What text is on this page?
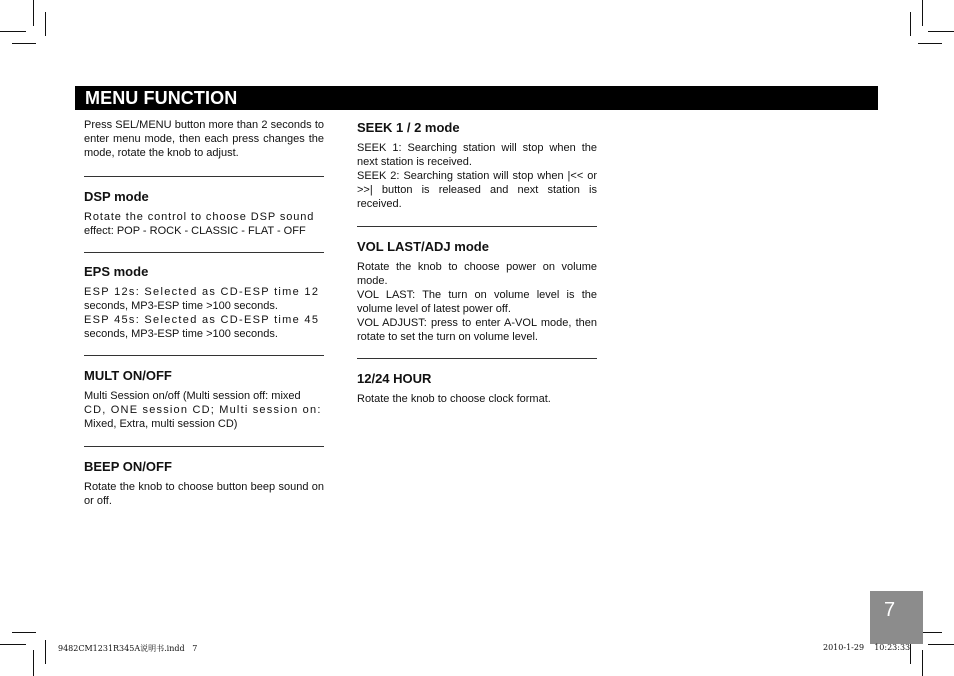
MENU FUNCTION

Press SEL/MENU button more than 2 seconds to enter menu mode, then each press changes the mode, rotate the knob to adjust.

DSP mode

Rotate the control to choose DSP sound
effect: POP - ROCK - CLASSIC - FLAT - OFF

EPS mode

ESP 12s: Selected as CD-ESP time 12
seconds, MP3-ESP time >100 seconds.
ESP 45s: Selected as CD-ESP time 45
seconds, MP3-ESP time >100 seconds.

MULT ON/OFF

Multi Session on/off (Multi session off: mixed
CD, ONE session CD; Multi session on:
Mixed, Extra, multi session CD)

BEEP ON/OFF

Rotate the knob to choose button beep sound on or off.

SEEK 1 / 2 mode

SEEK 1: Searching station will stop when the next station is received.

SEEK 2: Searching station will stop when |<< or >>| button is released and next station is received.

VOL LAST/ADJ mode

Rotate the knob to choose power on volume mode.

VOL LAST: The turn on volume level is the volume level of latest power off.

VOL ADJUST: press to enter A-VOL mode, then rotate to set the turn on volume level.

12/24 HOUR

Rotate the knob to choose clock format.

7
9482CM1231R345A说明书.indd   7	2010-1-29    10:23:33
